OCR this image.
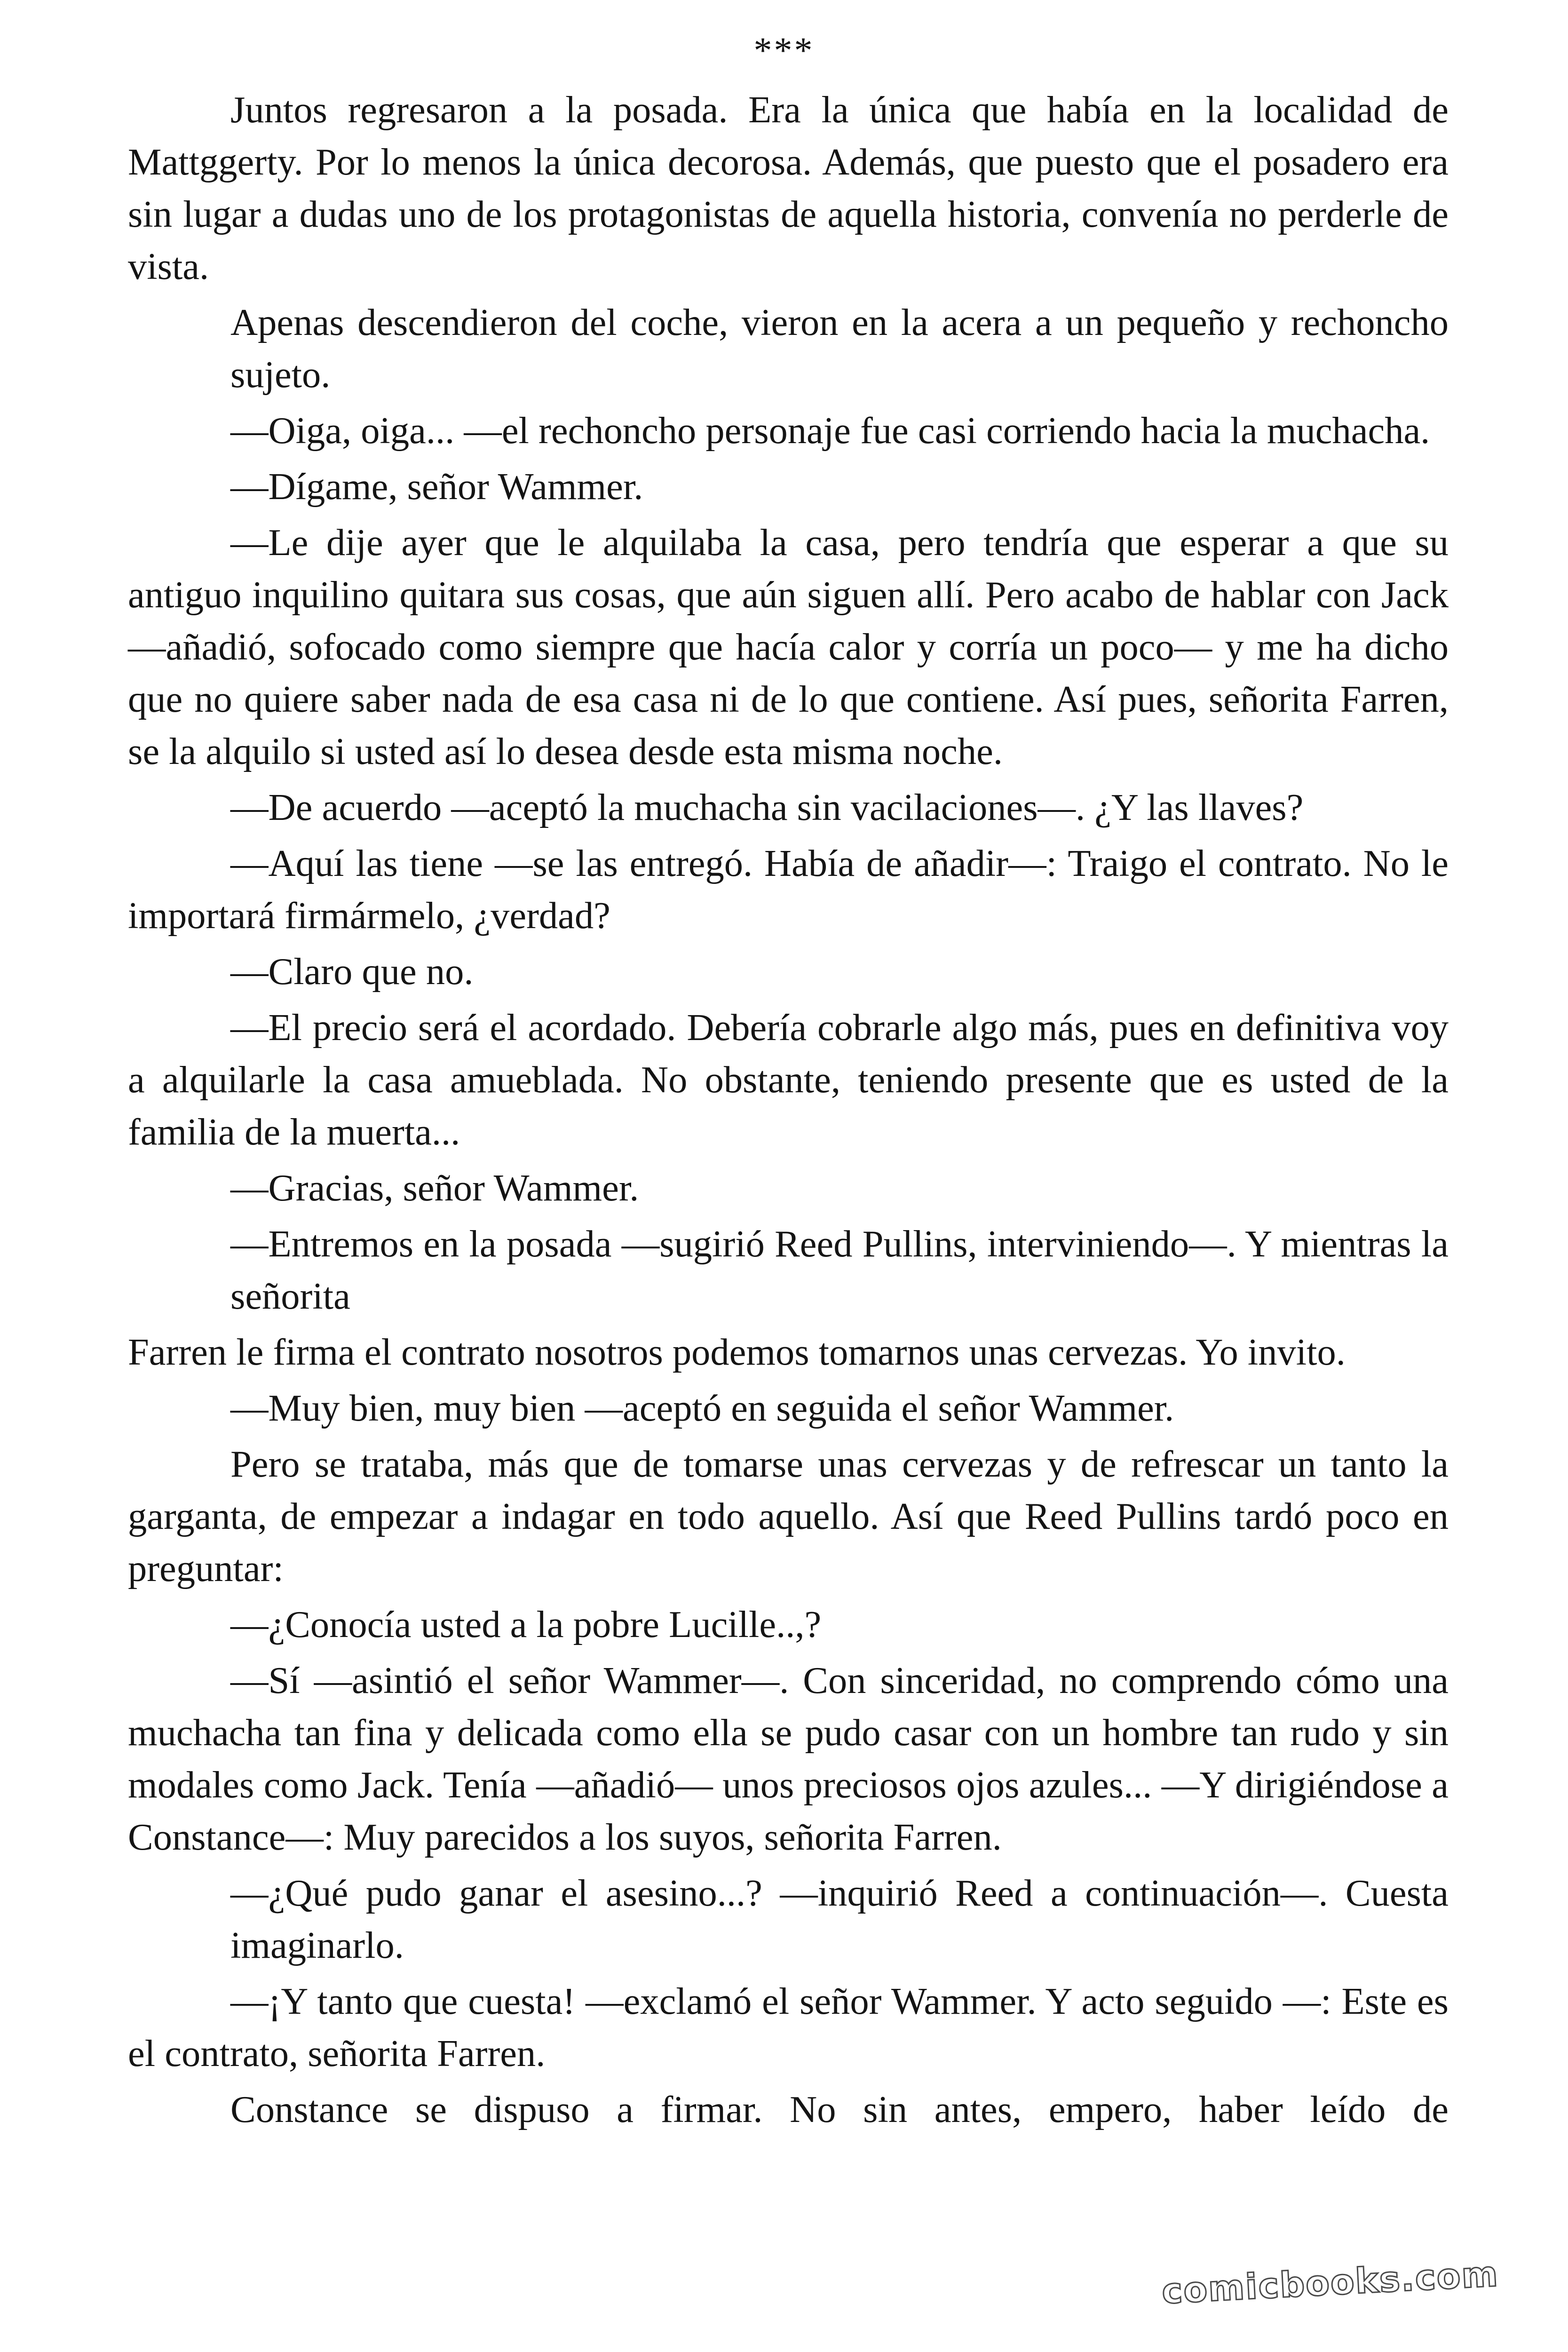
***

Juntos regresaron a la posada. Era la única que había en la localidad de Mattggerty. Por lo menos la única decorosa. Además, que puesto que el posadero era sin lugar a dudas uno de los protagonistas de aquella historia, convenía no perderle de vista.

Apenas descendieron del coche, vieron en la acera a un pequeño y rechoncho sujeto.

—Oiga, oiga... —el rechoncho personaje fue casi corriendo hacia la muchacha.

—Dígame, señor Wammer.

—Le dije ayer que le alquilaba la casa, pero tendría que esperar a que su antiguo inquilino quitara sus cosas, que aún siguen allí. Pero acabo de hablar con Jack —añadió, sofocado como siempre que hacía calor y corría un poco— y me ha dicho que no quiere saber nada de esa casa ni de lo que contiene. Así pues, señorita Farren, se la alquilo si usted así lo desea desde esta misma noche.

—De acuerdo —aceptó la muchacha sin vacilaciones—. ¿Y las llaves?

—Aquí las tiene —se las entregó. Había de añadir—: Traigo el contrato. No le importará firmármelo, ¿verdad?

—Claro que no.

—El precio será el acordado. Debería cobrarle algo más, pues en definitiva voy a alquilarle la casa amueblada. No obstante, teniendo presente que es usted de la familia de la muerta...

—Gracias, señor Wammer.

—Entremos en la posada —sugirió Reed Pullins, interviniendo—. Y mientras la señorita

Farren le firma el contrato nosotros podemos tomarnos unas cervezas. Yo invito.

—Muy bien, muy bien —aceptó en seguida el señor Wammer.

Pero se trataba, más que de tomarse unas cervezas y de refrescar un tanto la garganta, de empezar a indagar en todo aquello. Así que Reed Pullins tardó poco en preguntar:

—¿Conocía usted a la pobre Lucille..,?

—Sí —asintió el señor Wammer—. Con sinceridad, no comprendo cómo una muchacha tan fina y delicada como ella se pudo casar con un hombre tan rudo y sin modales como Jack. Tenía —añadió— unos preciosos ojos azules... —Y dirigiéndose a Constance—: Muy parecidos a los suyos, señorita Farren.

—¿Qué pudo ganar el asesino...? —inquirió Reed a continuación—. Cuesta imaginarlo.

—¡Y tanto que cuesta! —exclamó el señor Wammer. Y acto seguido —: Este es el contrato, señorita Farren.

Constance se dispuso a firmar. No sin antes, empero, haber leído de

comicbooks.com
